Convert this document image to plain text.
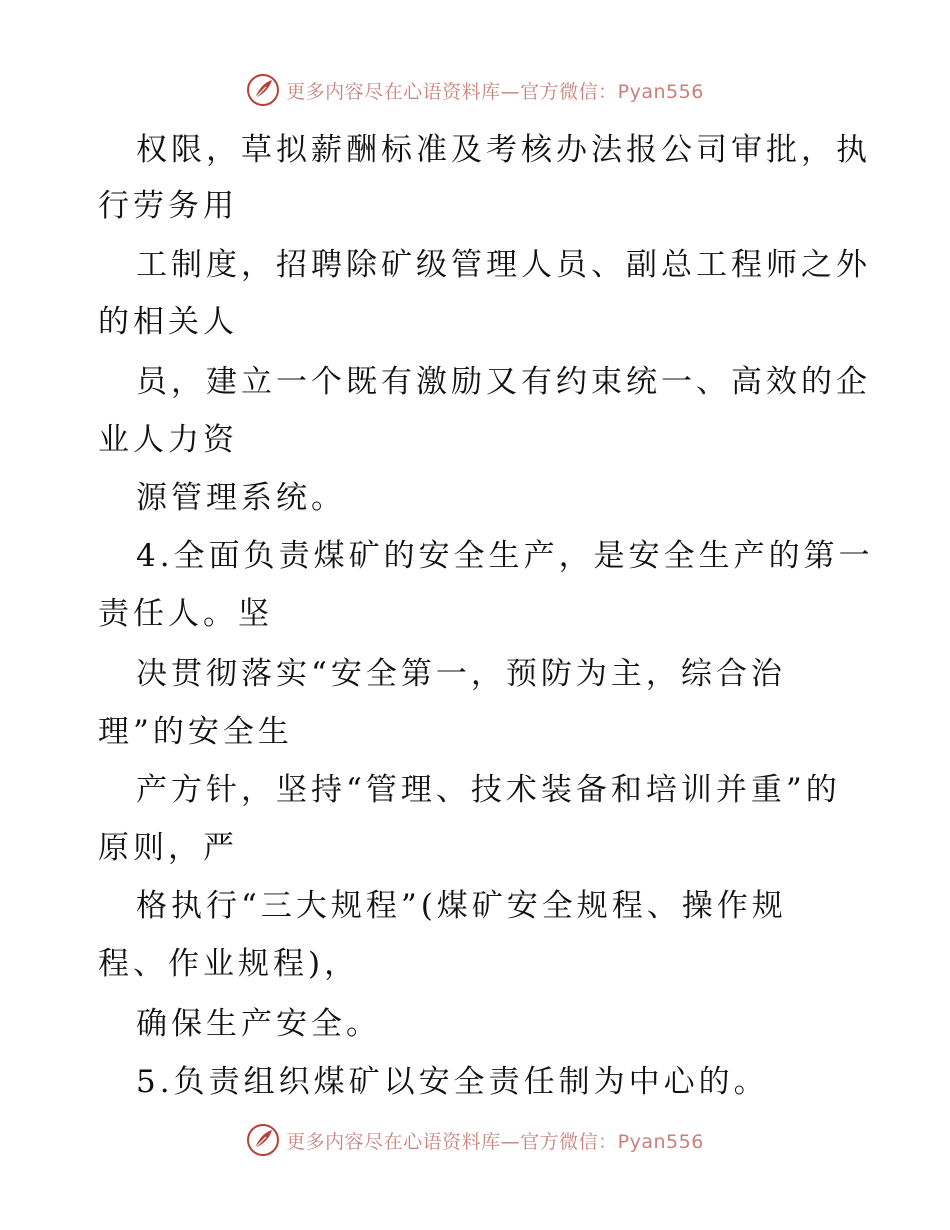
更多内容尽在心语资料库—官方微信：Pyan556
权限，草拟薪酬标准及考核办法报公司审批，执
行劳务用
工制度，招聘除矿级管理人员、副总工程师之外
的相关人
员，建立一个既有激励又有约束统一、高效的企
业人力资
源管理系统。
4.全面负责煤矿的安全生产，是安全生产的第一
责任人。坚
决贯彻落实“安全第一，预防为主，综合治
理”的安全生
产方针，坚持“管理、技术装备和培训并重”的
原则，严
格执行“三大规程”(煤矿安全规程、操作规
程、作业规程)，
确保生产安全。
5.负责组织煤矿以安全责任制为中心的。
更多内容尽在心语资料库—官方微信：Pyan556
